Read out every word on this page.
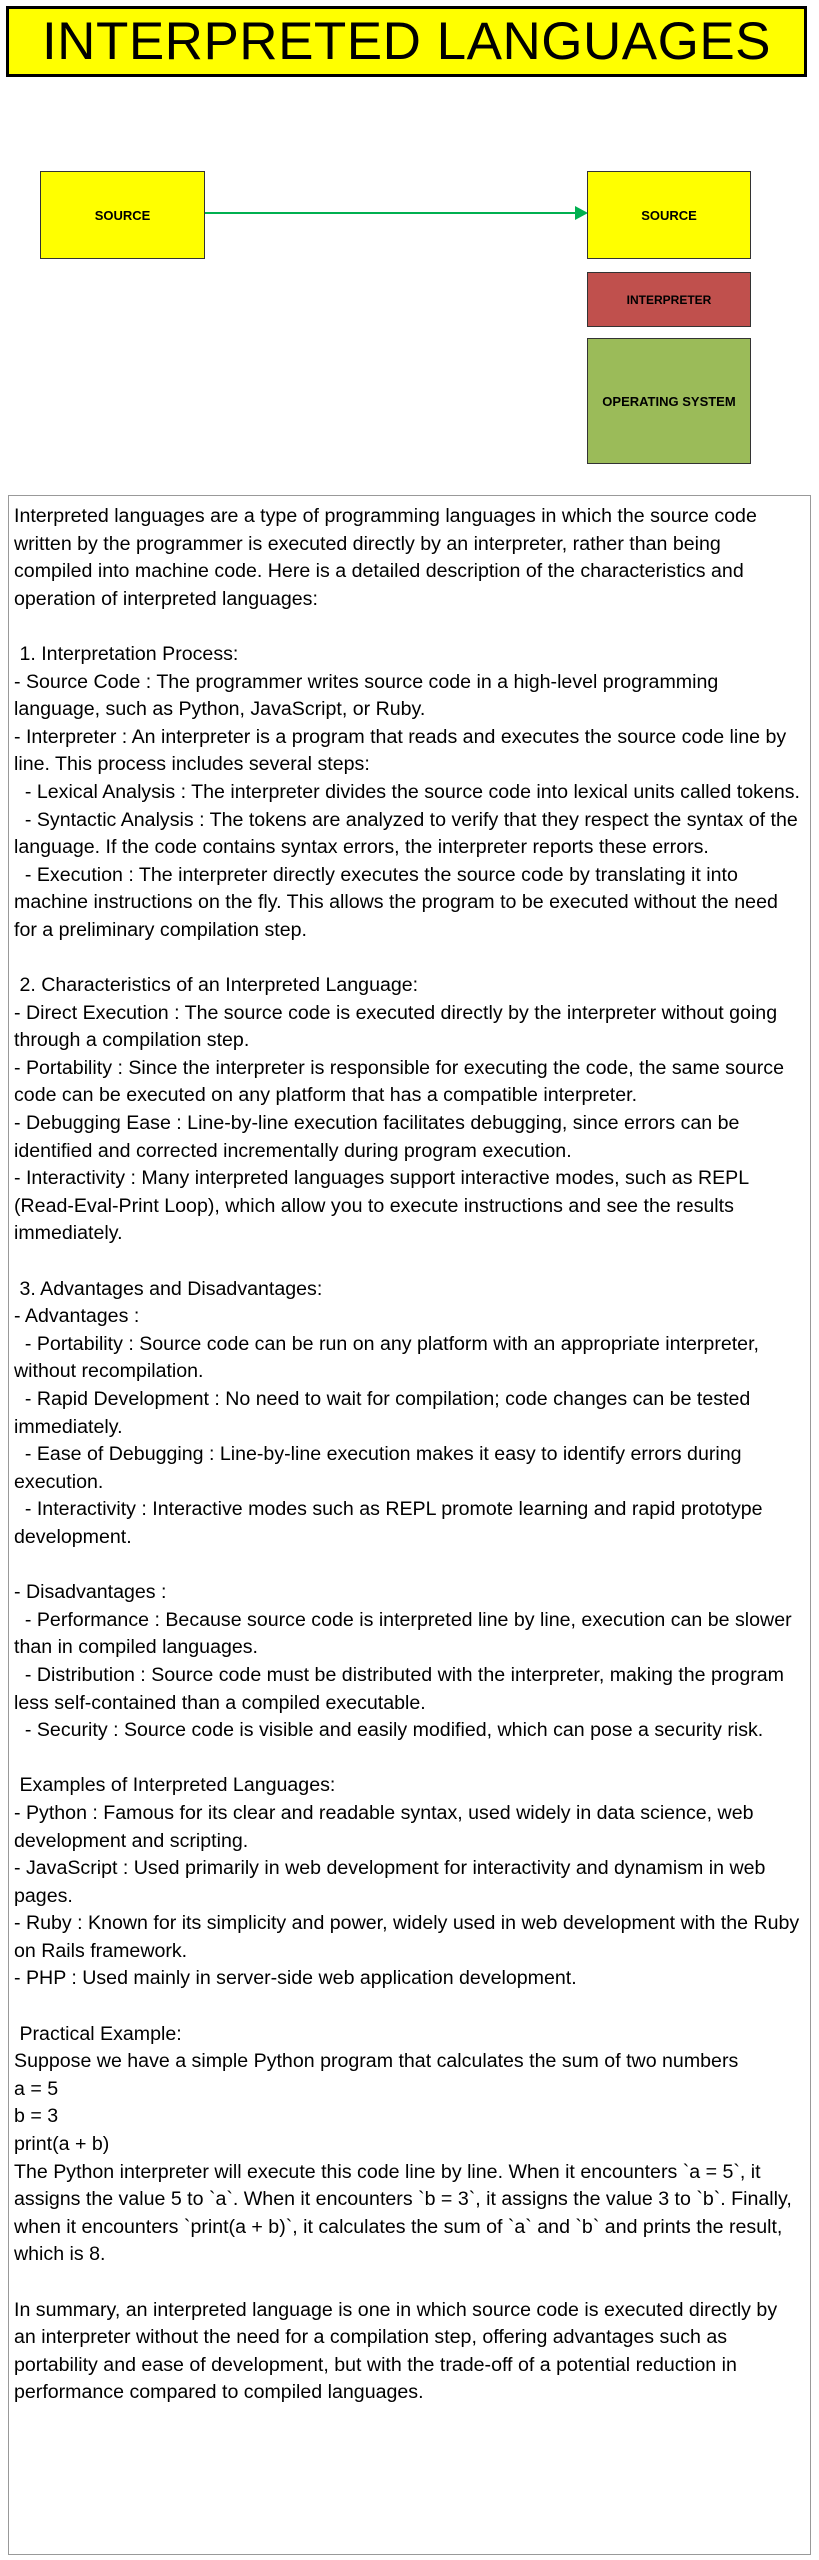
INTERPRETED LANGUAGES
SOURCE	SOURCE
INTERPRETER
OPERATING SYSTEM
Interpreted languages are a type of programming languages in which the source code written by the programmer is executed directly by an interpreter, rather than being compiled into machine code. Here is a detailed description of the characteristics and operation of interpreted languages:

1. Interpretation Process:
- Source Code : The programmer writes source code in a high-level programming language, such as Python, JavaScript, or Ruby.
- Interpreter : An interpreter is a program that reads and executes the source code line by line. This process includes several steps:
- Lexical Analysis : The interpreter divides the source code into lexical units called tokens.
- Syntactic Analysis : The tokens are analyzed to verify that they respect the syntax of the language. If the code contains syntax errors, the interpreter reports these errors.
- Execution : The interpreter directly executes the source code by translating it into machine instructions on the fly. This allows the program to be executed without the need for a preliminary compilation step.

2. Characteristics of an Interpreted Language:
- Direct Execution : The source code is executed directly by the interpreter without going through a compilation step.
- Portability : Since the interpreter is responsible for executing the code, the same source code can be executed on any platform that has a compatible interpreter.
- Debugging Ease : Line-by-line execution facilitates debugging, since errors can be identified and corrected incrementally during program execution.
- Interactivity : Many interpreted languages support interactive modes, such as REPL (Read-Eval-Print Loop), which allow you to execute instructions and see the results immediately.

3. Advantages and Disadvantages:
- Advantages :
- Portability : Source code can be run on any platform with an appropriate interpreter, without recompilation.
- Rapid Development : No need to wait for compilation; code changes can be tested immediately.
- Ease of Debugging : Line-by-line execution makes it easy to identify errors during execution.
- Interactivity : Interactive modes such as REPL promote learning and rapid prototype development.

- Disadvantages :
- Performance : Because source code is interpreted line by line, execution can be slower than in compiled languages.
- Distribution : Source code must be distributed with the interpreter, making the program less self-contained than a compiled executable.
- Security : Source code is visible and easily modified, which can pose a security risk.

Examples of Interpreted Languages:
- Python : Famous for its clear and readable syntax, used widely in data science, web development and scripting.
- JavaScript : Used primarily in web development for interactivity and dynamism in web pages.
- Ruby : Known for its simplicity and power, widely used in web development with the Ruby on Rails framework.
- PHP : Used mainly in server-side web application development.

Practical Example:
Suppose we have a simple Python program that calculates the sum of two numbers
a = 5
b = 3
print(a + b)
The Python interpreter will execute this code line by line. When it encounters `a = 5`, it assigns the value 5 to `a`. When it encounters `b = 3`, it assigns the value 3 to `b`. Finally, when it encounters `print(a + b)`, it calculates the sum of `a` and `b` and prints the result, which is 8.

In summary, an interpreted language is one in which source code is executed directly by an interpreter without the need for a compilation step, offering advantages such as portability and ease of development, but with the trade-off of a potential reduction in performance compared to compiled languages.
